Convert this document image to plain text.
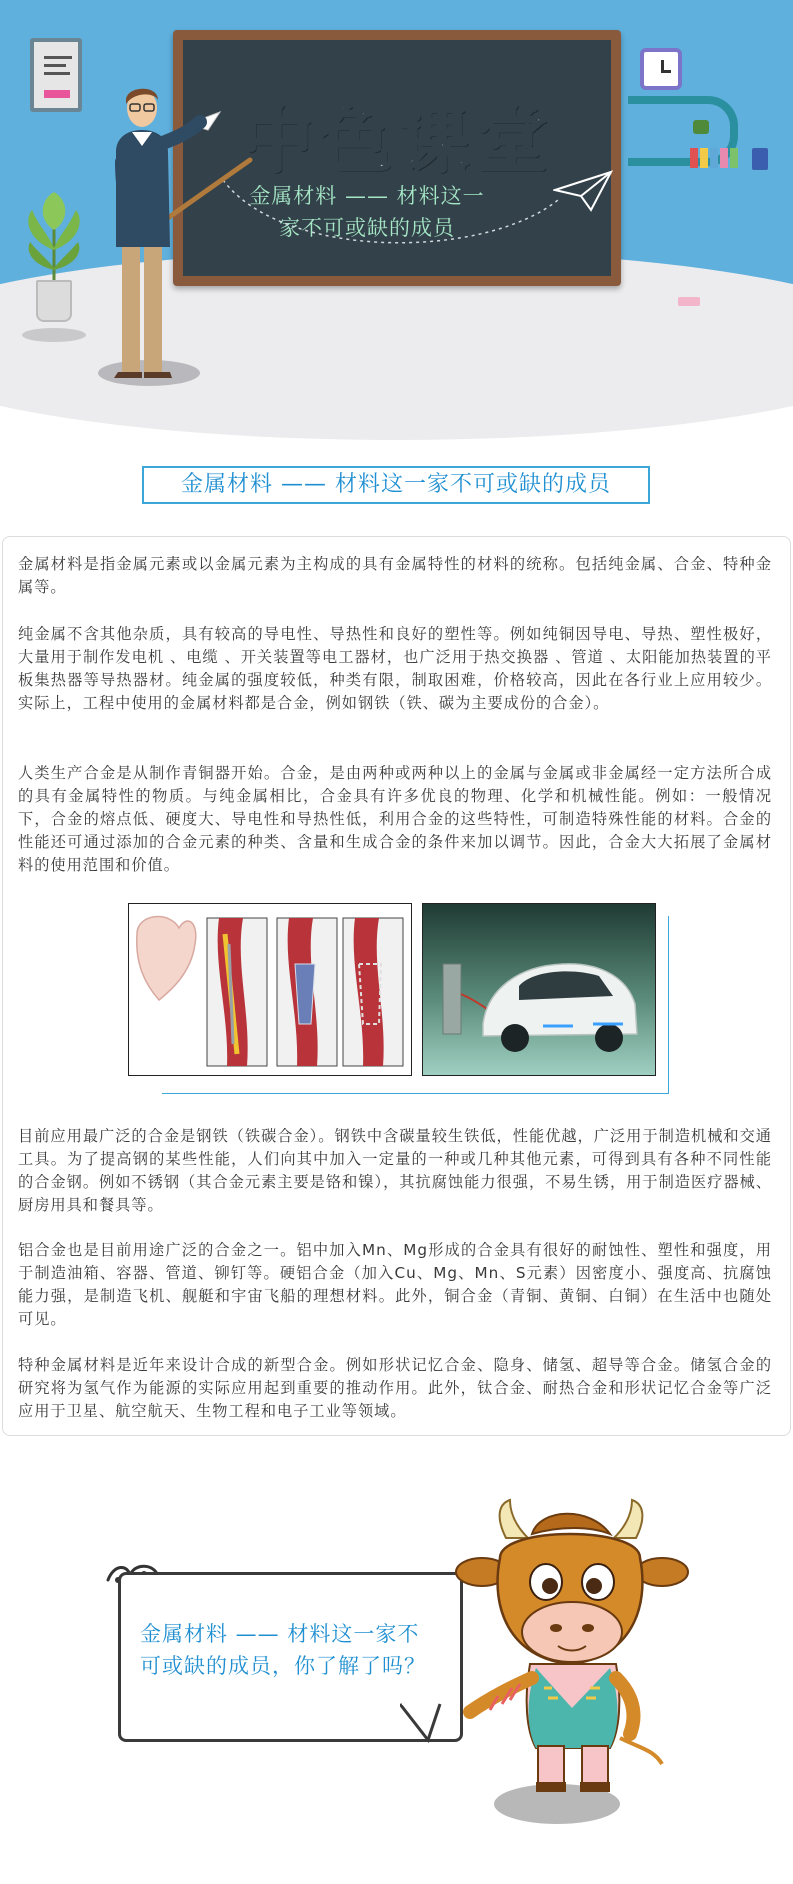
中色课堂
金属材料 —— 材料这一
家不可或缺的成员
金属材料 —— 材料这一家不可或缺的成员
金属材料是指金属元素或以金属元素为主构成的具有金属特性的材料的统称。包括纯金属、合金、特种金属等。
纯金属不含其他杂质，具有较高的导电性、导热性和良好的塑性等。例如纯铜因导电、导热、塑性极好，大量用于制作发电机 、电缆 、开关装置等电工器材，也广泛用于热交换器 、管道 、太阳能加热装置的平板集热器等导热器材。纯金属的强度较低，种类有限，制取困难，价格较高，因此在各行业上应用较少。实际上，工程中使用的金属材料都是合金，例如钢铁（铁、碳为主要成份的合金）。
人类生产合金是从制作青铜器开始。合金，是由两种或两种以上的金属与金属或非金属经一定方法所合成的具有金属特性的物质。与纯金属相比，合金具有许多优良的物理、化学和机械性能。例如：一般情况下，合金的熔点低、硬度大、导电性和导热性低，利用合金的这些特性，可制造特殊性能的材料。合金的性能还可通过添加的合金元素的种类、含量和生成合金的条件来加以调节。因此，合金大大拓展了金属材料的使用范围和价值。
目前应用最广泛的合金是钢铁（铁碳合金）。钢铁中含碳量较生铁低，性能优越，广泛用于制造机械和交通工具。为了提高钢的某些性能，人们向其中加入一定量的一种或几种其他元素，可得到具有各种不同性能的合金钢。例如不锈钢（其合金元素主要是铬和镍），其抗腐蚀能力很强，不易生锈，用于制造医疗器械、厨房用具和餐具等。
铝合金也是目前用途广泛的合金之一。铝中加入Mn、Mg形成的合金具有很好的耐蚀性、塑性和强度，用于制造油箱、容器、管道、铆钉等。硬铝合金（加入Cu、Mg、Mn、S元素）因密度小、强度高、抗腐蚀能力强，是制造飞机、舰艇和宇宙飞船的理想材料。此外，铜合金（青铜、黄铜、白铜）在生活中也随处可见。
特种金属材料是近年来设计合成的新型合金。例如形状记忆合金、隐身、储氢、超导等合金。储氢合金的研究将为氢气作为能源的实际应用起到重要的推动作用。此外，钛合金、耐热合金和形状记忆合金等广泛应用于卫星、航空航天、生物工程和电子工业等领域。
金属材料 —— 材料这一家不
可或缺的成员，你了解了吗？
